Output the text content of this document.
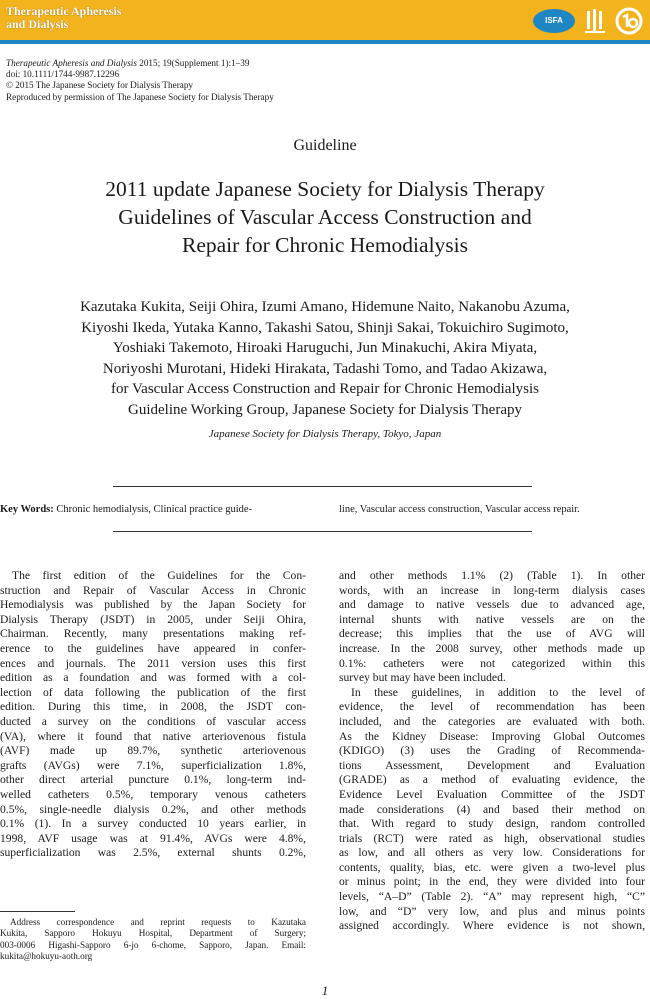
Therapeutic Apheresis
and Dialysis	ISFA
Therapeutic Apheresis and Dialysis 2015; 19(Supplement 1):1–39
doi: 10.1111/1744-9987.12296
© 2015 The Japanese Society for Dialysis Therapy
Reproduced by permission of The Japanese Society for Dialysis Therapy
Guideline
2011 update Japanese Society for Dialysis Therapy
Guidelines of Vascular Access Construction and
Repair for Chronic Hemodialysis
Kazutaka Kukita, Seiji Ohira, Izumi Amano, Hidemune Naito, Nakanobu Azuma,
Kiyoshi Ikeda, Yutaka Kanno, Takashi Satou, Shinji Sakai, Tokuichiro Sugimoto,
Yoshiaki Takemoto, Hiroaki Haruguchi, Jun Minakuchi, Akira Miyata,
Noriyoshi Murotani, Hideki Hirakata, Tadashi Tomo, and Tadao Akizawa,
for Vascular Access Construction and Repair for Chronic Hemodialysis
Guideline Working Group, Japanese Society for Dialysis Therapy
Japanese Society for Dialysis Therapy, Tokyo, Japan
Key Words: Chronic hemodialysis, Clinical practice guide-	line, Vascular access construction, Vascular access repair.
The first edition of the Guidelines for the Con-
struction and Repair of Vascular Access in Chronic
Hemodialysis was published by the Japan Society for
Dialysis Therapy (JSDT) in 2005, under Seiji Ohira,
Chairman. Recently, many presentations making ref-
erence to the guidelines have appeared in confer-
ences and journals. The 2011 version uses this first
edition as a foundation and was formed with a col-
lection of data following the publication of the first
edition. During this time, in 2008, the JSDT con-
ducted a survey on the conditions of vascular access
(VA), where it found that native arteriovenous fistula
(AVF) made up 89.7%, synthetic arteriovenous
grafts (AVGs) were 7.1%, superficialization 1.8%,
other direct arterial puncture 0.1%, long-term ind-
welled catheters 0.5%, temporary venous catheters
0.5%, single-needle dialysis 0.2%, and other methods
0.1% (1). In a survey conducted 10 years earlier, in
1998, AVF usage was at 91.4%, AVGs were 4.8%,
superficialization was 2.5%, external shunts 0.2%,
and other methods 1.1% (2) (Table 1). In other
words, with an increase in long-term dialysis cases
and damage to native vessels due to advanced age,
internal shunts with native vessels are on the
decrease; this implies that the use of AVG will
increase. In the 2008 survey, other methods made up
0.1%: catheters were not categorized within this
survey but may have been included.
In these guidelines, in addition to the level of
evidence, the level of recommendation has been
included, and the categories are evaluated with both.
As the Kidney Disease: Improving Global Outcomes
(KDIGO) (3) uses the Grading of Recommenda-
tions Assessment, Development and Evaluation
(GRADE) as a method of evaluating evidence, the
Evidence Level Evaluation Committee of the JSDT
made considerations (4) and based their method on
that. With regard to study design, random controlled
trials (RCT) were rated as high, observational studies
as low, and all others as very low. Considerations for
contents, quality, bias, etc. were given a two-level plus
or minus point; in the end, they were divided into four
levels, “A–D” (Table 2). “A” may represent high, “C”
low, and “D” very low, and plus and minus points
assigned accordingly. Where evidence is not shown,
Address correspondence and reprint requests to Kazutaka
Kukita, Sapporo Hokuyu Hospital, Department of Surgery;
003-0006 Higashi-Sapporo 6-jo 6-chome, Sapporo, Japan. Email:
kukita@hokuyu-aoth.org
1
